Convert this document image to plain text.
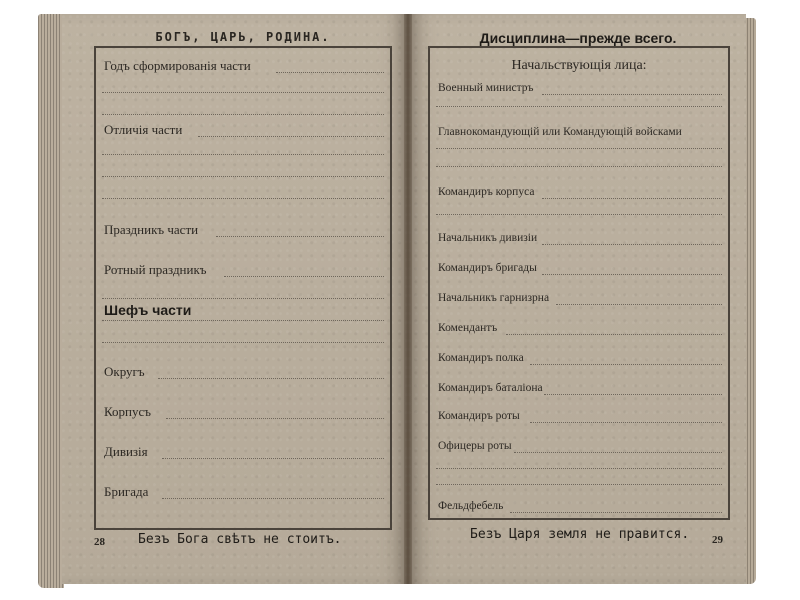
БОГЪ, ЦАРЬ, РОДИНА.	Дисциплина—прежде всего.
Годъ сформированія части
Отличія части
Праздникъ части
Ротный праздникъ
Шефъ части
Округъ
Корпусъ
Дивизія
Бригада
Начальствующія лица:
Военный министръ
Главнокомандующій или Командующій войсками
Командиръ корпуса
Начальникъ дивизіи
Командиръ бригады
Начальникъ гарнизрна
Комендантъ
Командиръ полка
Командиръ баталіона
Командиръ роты
Офицеры роты
Фельдфебель
28	Безъ Бога свѣтъ не стоитъ.	Безъ Царя земля не правится. 29
